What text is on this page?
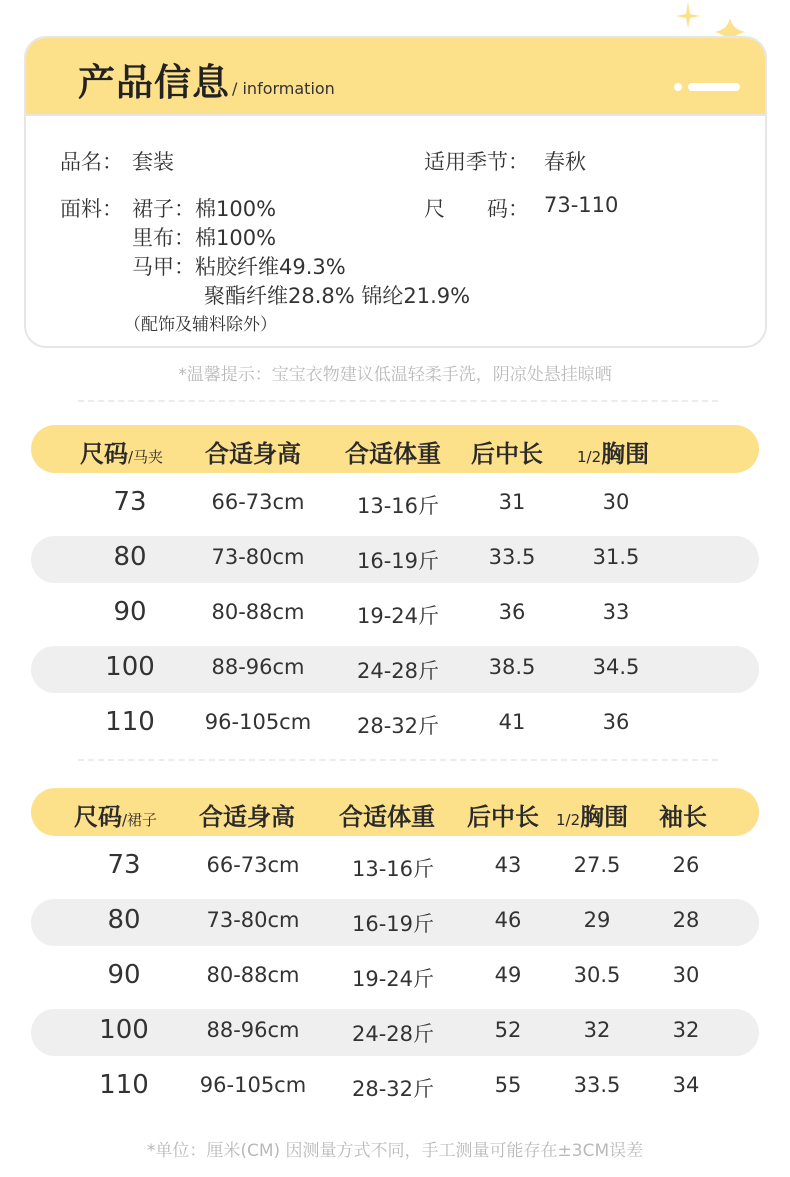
产品信息 / information
品名： 套装	适用季节： 春秋
面料： 裙子：棉100%	尺　　码： 73-110
里布：棉100%
马甲：粘胶纤维49.3%
聚酯纤维28.8% 锦纶21.9%
（配饰及辅料除外）
*温馨提示：宝宝衣物建议低温轻柔手洗，阴凉处悬挂晾晒
尺码/马夹 合适身高 合适体重 后中长 1/2胸围
73	66-73cm 13-16斤	31	30
80	73-80cm 16-19斤 33.5	31.5
90	80-88cm 19-24斤	36	33
100	88-96cm 24-28斤 38.5	34.5
110 96-105cm 28-32斤	41	36
尺码/裙子 合适身高 合适体重 后中长 1/2胸围 袖长
73	66-73cm 13-16斤	43 27.5 26
80	73-80cm 16-19斤	46	29	28
90	80-88cm 19-24斤	49 30.5 30
100	88-96cm 24-28斤	52	32	32
110 96-105cm 28-32斤	55 33.5 34
*单位：厘米(CM) 因测量方式不同，手工测量可能存在±3CM误差
